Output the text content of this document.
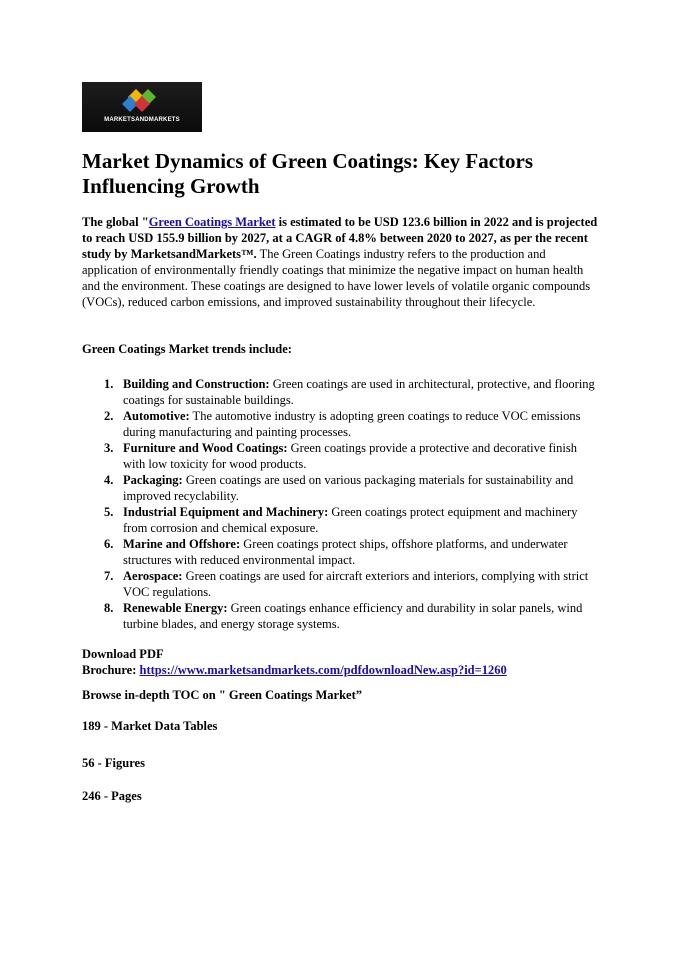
MARKETSANDMARKETS
Market Dynamics of Green Coatings: Key Factors Influencing Growth

The global "Green Coatings Market is estimated to be USD 123.6 billion in 2022 and is projected to reach USD 155.9 billion by 2027, at a CAGR of 4.8% between 2020 to 2027, as per the recent study by MarketsandMarkets™. The Green Coatings industry refers to the production and application of environmentally friendly coatings that minimize the negative impact on human health and the environment. These coatings are designed to have lower levels of volatile organic compounds (VOCs), reduced carbon emissions, and improved sustainability throughout their lifecycle.

Green Coatings Market trends include:

1. Building and Construction: Green coatings are used in architectural, protective, and flooring coatings for sustainable buildings.
2. Automotive: The automotive industry is adopting green coatings to reduce VOC emissions during manufacturing and painting processes.
3. Furniture and Wood Coatings: Green coatings provide a protective and decorative finish with low toxicity for wood products.
4. Packaging: Green coatings are used on various packaging materials for sustainability and improved recyclability.
5. Industrial Equipment and Machinery: Green coatings protect equipment and machinery from corrosion and chemical exposure.
6. Marine and Offshore: Green coatings protect ships, offshore platforms, and underwater structures with reduced environmental impact.
7. Aerospace: Green coatings are used for aircraft exteriors and interiors, complying with strict VOC regulations.
8. Renewable Energy: Green coatings enhance efficiency and durability in solar panels, wind turbine blades, and energy storage systems.
Download PDF
Brochure: https://www.marketsandmarkets.com/pdfdownloadNew.asp?id=1260

Browse in-depth TOC on " Green Coatings Market”

189 - Market Data Tables

56 - Figures

246 - Pages
